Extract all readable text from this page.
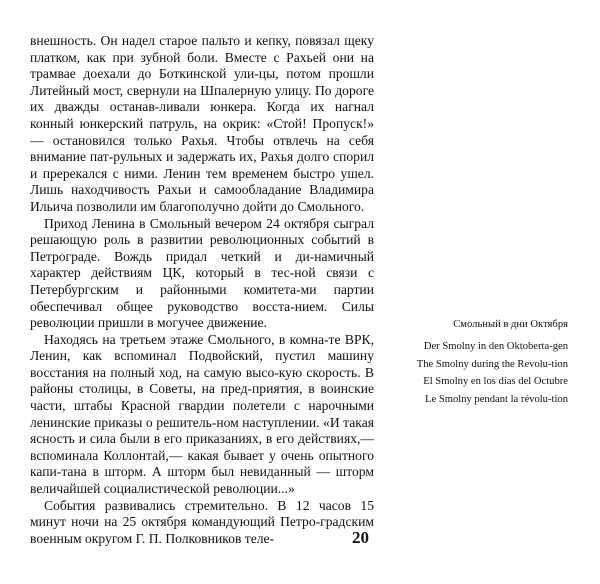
внешность. Он надел старое пальто и кепку, повязал щеку платком, как при зубной боли. Вместе с Рахьей они на трамвае доехали до Боткинской ули-цы, потом прошли Литейный мост, свернули на Шпалерную улицу. По дороге их дважды останав-ливали юнкера. Когда их нагнал конный юнкерский патруль, на окрик: «Стой! Пропуск!» — остановился только Рахья. Чтобы отвлечь на себя внимание пат-рульных и задержать их, Рахья долго спорил и пререкался с ними. Ленин тем временем быстро ушел. Лишь находчивость Рахьи и самообладание Владимира Ильича позволили им благополучно дойти до Смольного.

Приход Ленина в Смольный вечером 24 октября сыграл решающую роль в развитии революционных событий в Петрограде. Вождь придал четкий и ди-намичный характер действиям ЦК, который в тес-ной связи с Петербургским и районными комитета-ми партии обеспечивал общее руководство восста-нием. Силы революции пришли в могучее движение.

Находясь на третьем этаже Смольного, в комна-те ВРК, Ленин, как вспоминал Подвойский, пустил машину восстания на полный ход, на самую высо-кую скорость. В районы столицы, в Советы, на пред-приятия, в воинские части, штабы Красной гвардии полетели с нарочными ленинские приказы о решитель-ном наступлении. «И такая ясность и сила были в его приказаниях, в его действиях,— вспоминала Коллонтай,— какая бывает у очень опытного капи-тана в шторм. А шторм был невиданный — шторм величайшей социалистической революции...»

События развивались стремительно. В 12 часов 15 минут ночи на 25 октября командующий Петро-градским военным округом Г. П. Полковников теле-

Смольный в дни Октября
Der Smolny in den Oktoberta-gen
The Smolny during the Revolu-tion
El Smolny en los días del Octubre
Le Smolny pendant la révolu-tion
20
